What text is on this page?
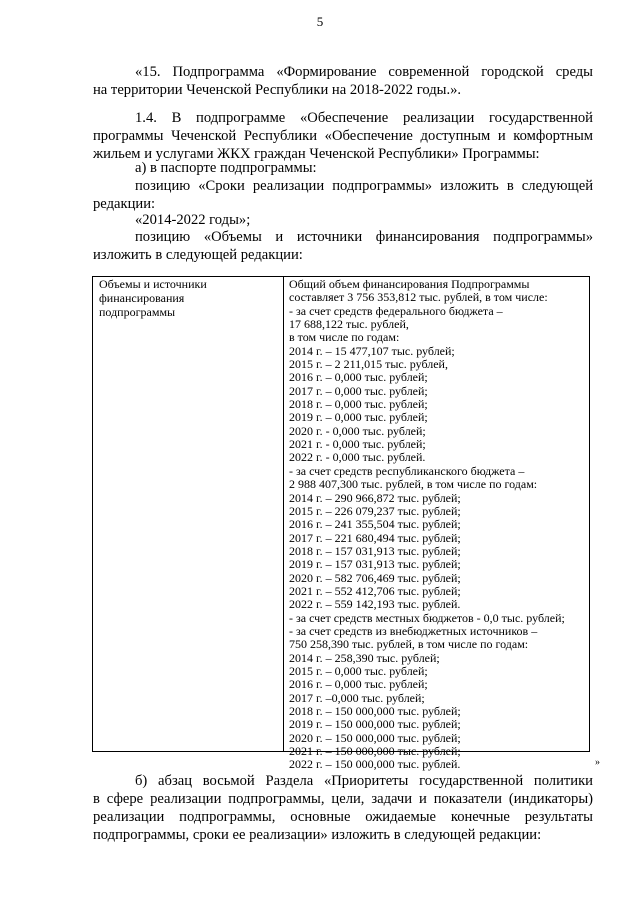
5

«15. Подпрограмма «Формирование современной городской среды
на территории Чеченской Республики на 2018-2022 годы.».

1.4. В подпрограмме «Обеспечение реализации государственной
программы Чеченской Республики «Обеспечение доступным и комфортным
жильем и услугами ЖКХ граждан Чеченской Республики» Программы:

а) в паспорте подпрограммы:

позицию «Сроки реализации подпрограммы» изложить в следующей
редакции:

«2014-2022 годы»;

позицию «Объемы и источники финансирования подпрограммы»
изложить в следующей редакции:

Объемы и источники
финансирования
подпрограммы
Общий объем финансирования Подпрограммы
составляет 3 756 353,812 тыс. рублей, в том числе:
- за счет средств федерального бюджета –
17 688,122 тыс. рублей,
в том числе по годам:
2014 г. – 15 477,107 тыс. рублей;
2015 г. – 2 211,015 тыс. рублей,
2016 г. – 0,000 тыс. рублей;
2017 г. – 0,000 тыс. рублей;
2018 г. – 0,000 тыс. рублей;
2019 г. – 0,000 тыс. рублей;
2020 г. - 0,000 тыс. рублей;
2021 г. - 0,000 тыс. рублей;
2022 г. - 0,000 тыс. рублей.
- за счет средств республиканского бюджета –
2 988 407,300 тыс. рублей, в том числе по годам:
2014 г. – 290 966,872 тыс. рублей;
2015 г. – 226 079,237 тыс. рублей;
2016 г. – 241 355,504 тыс. рублей;
2017 г. – 221 680,494 тыс. рублей;
2018 г. – 157 031,913 тыс. рублей;
2019 г. – 157 031,913 тыс. рублей;
2020 г. – 582 706,469 тыс. рублей;
2021 г. – 552 412,706 тыс. рублей;
2022 г. – 559 142,193 тыс. рублей.
- за счет средств местных бюджетов - 0,0 тыс. рублей;
- за счет средств из внебюджетных источников –
750 258,390 тыс. рублей, в том числе по годам:
2014 г. – 258,390 тыс. рублей;
2015 г. – 0,000 тыс. рублей;
2016 г. – 0,000 тыс. рублей;
2017 г. –0,000 тыс. рублей;
2018 г. – 150 000,000 тыс. рублей;
2019 г. – 150 000,000 тыс. рублей;
2020 г. – 150 000,000 тыс. рублей;
2021 г. – 150 000,000 тыс. рублей;
2022 г. – 150 000,000 тыс. рублей.	»

б) абзац восьмой Раздела «Приоритеты государственной политики
в сфере реализации подпрограммы, цели, задачи и показатели (индикаторы)
реализации подпрограммы, основные ожидаемые конечные результаты
подпрограммы, сроки ее реализации» изложить в следующей редакции:
